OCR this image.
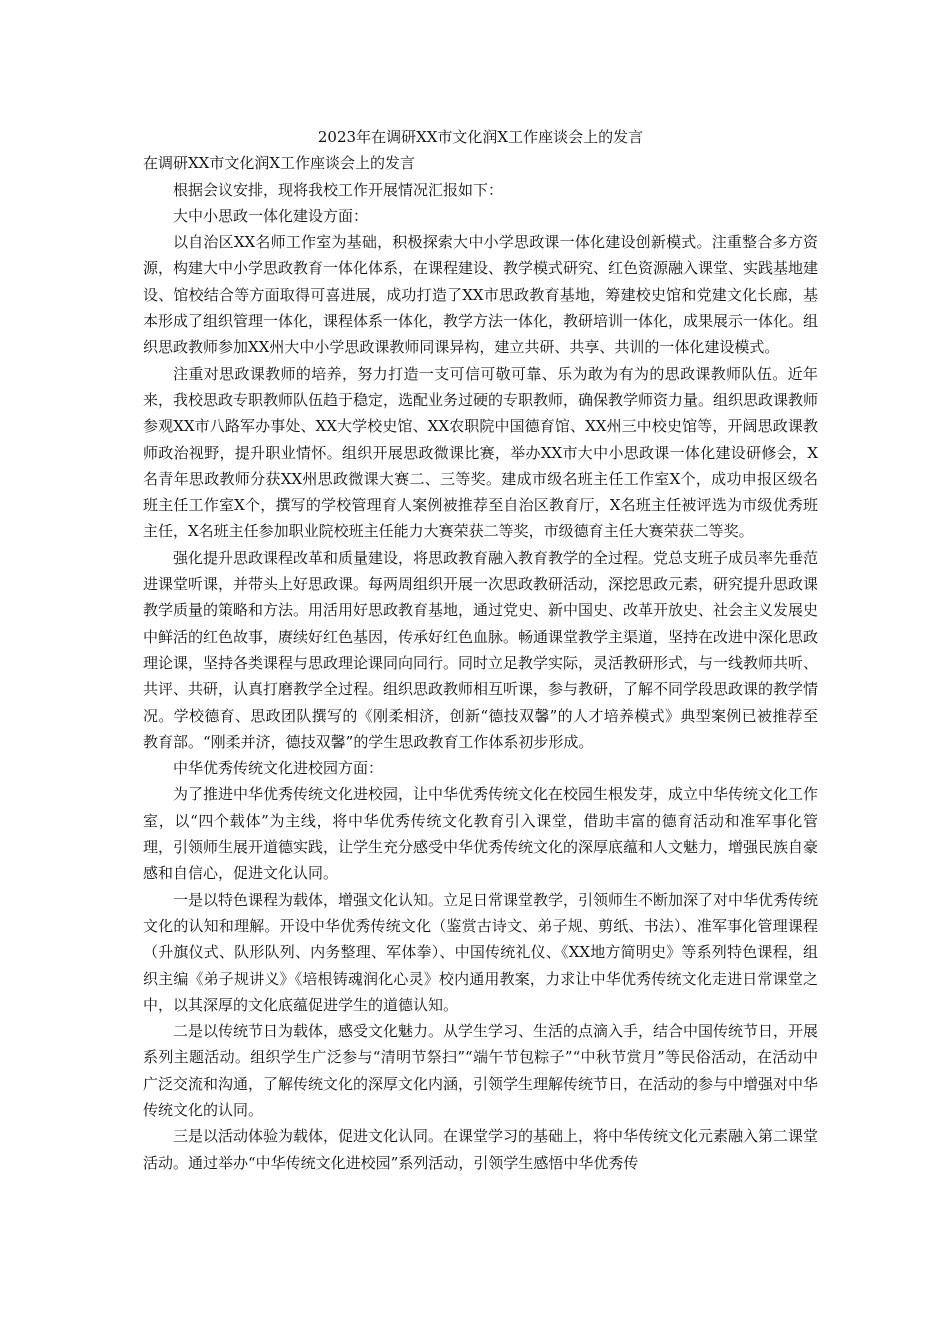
2023年在调研XX市文化润X工作座谈会上的发言

在调研XX市文化润X工作座谈会上的发言

根据会议安排，现将我校工作开展情况汇报如下：

大中小思政一体化建设方面：

以自治区XX名师工作室为基础，积极探索大中小学思政课一体化建设创新模式。注重整合多方资源，构建大中小学思政教育一体化体系，在课程建设、教学模式研究、红色资源融入课堂、实践基地建设、馆校结合等方面取得可喜进展，成功打造了XX市思政教育基地，筹建校史馆和党建文化长廊，基本形成了组织管理一体化，课程体系一体化，教学方法一体化，教研培训一体化，成果展示一体化。组织思政教师参加XX州大中小学思政课教师同课异构，建立共研、共享、共训的一体化建设模式。

注重对思政课教师的培养，努力打造一支可信可敬可靠、乐为敢为有为的思政课教师队伍。近年来，我校思政专职教师队伍趋于稳定，选配业务过硬的专职教师，确保教学师资力量。组织思政课教师参观XX市八路军办事处、XX大学校史馆、XX农职院中国德育馆、XX州三中校史馆等，开阔思政课教师政治视野，提升职业情怀。组织开展思政微课比赛，举办XX市大中小思政课一体化建设研修会，X名青年思政教师分获XX州思政微课大赛二、三等奖。建成市级名班主任工作室X个，成功申报区级名班主任工作室X个，撰写的学校管理育人案例被推荐至自治区教育厅，X名班主任被评选为市级优秀班主任，X名班主任参加职业院校班主任能力大赛荣获二等奖，市级德育主任大赛荣获二等奖。

强化提升思政课程改革和质量建设，将思政教育融入教育教学的全过程。党总支班子成员率先垂范进课堂听课，并带头上好思政课。每两周组织开展一次思政教研活动，深挖思政元素，研究提升思政课教学质量的策略和方法。用活用好思政教育基地，通过党史、新中国史、改革开放史、社会主义发展史中鲜活的红色故事，赓续好红色基因，传承好红色血脉。畅通课堂教学主渠道，坚持在改进中深化思政理论课，坚持各类课程与思政理论课同向同行。同时立足教学实际，灵活教研形式，与一线教师共听、共评、共研，认真打磨教学全过程。组织思政教师相互听课，参与教研，了解不同学段思政课的教学情况。学校德育、思政团队撰写的《刚柔相济，创新“德技双馨”的人才培养模式》典型案例已被推荐至教育部。“刚柔并济，德技双馨”的学生思政教育工作体系初步形成。

中华优秀传统文化进校园方面：

为了推进中华优秀传统文化进校园，让中华优秀传统文化在校园生根发芽，成立中华传统文化工作室，以“四个载体”为主线，将中华优秀传统文化教育引入课堂，借助丰富的德育活动和准军事化管理，引领师生展开道德实践，让学生充分感受中华优秀传统文化的深厚底蕴和人文魅力，增强民族自豪感和自信心，促进文化认同。

一是以特色课程为载体，增强文化认知。立足日常课堂教学，引领师生不断加深了对中华优秀传统文化的认知和理解。开设中华优秀传统文化（鉴赏古诗文、弟子规、剪纸、书法）、准军事化管理课程（升旗仪式、队形队列、内务整理、军体拳）、中国传统礼仪、《XX地方简明史》等系列特色课程，组织主编《弟子规讲义》《培根铸魂润化心灵》校内通用教案，力求让中华优秀传统文化走进日常课堂之中，以其深厚的文化底蕴促进学生的道德认知。

二是以传统节日为载体，感受文化魅力。从学生学习、生活的点滴入手，结合中国传统节日，开展系列主题活动。组织学生广泛参与“清明节祭扫”“端午节包粽子”“中秋节赏月”等民俗活动，在活动中广泛交流和沟通，了解传统文化的深厚文化内涵，引领学生理解传统节日，在活动的参与中增强对中华传统文化的认同。

三是以活动体验为载体，促进文化认同。在课堂学习的基础上，将中华传统文化元素融入第二课堂活动。通过举办“中华传统文化进校园”系列活动，引领学生感悟中华优秀传
